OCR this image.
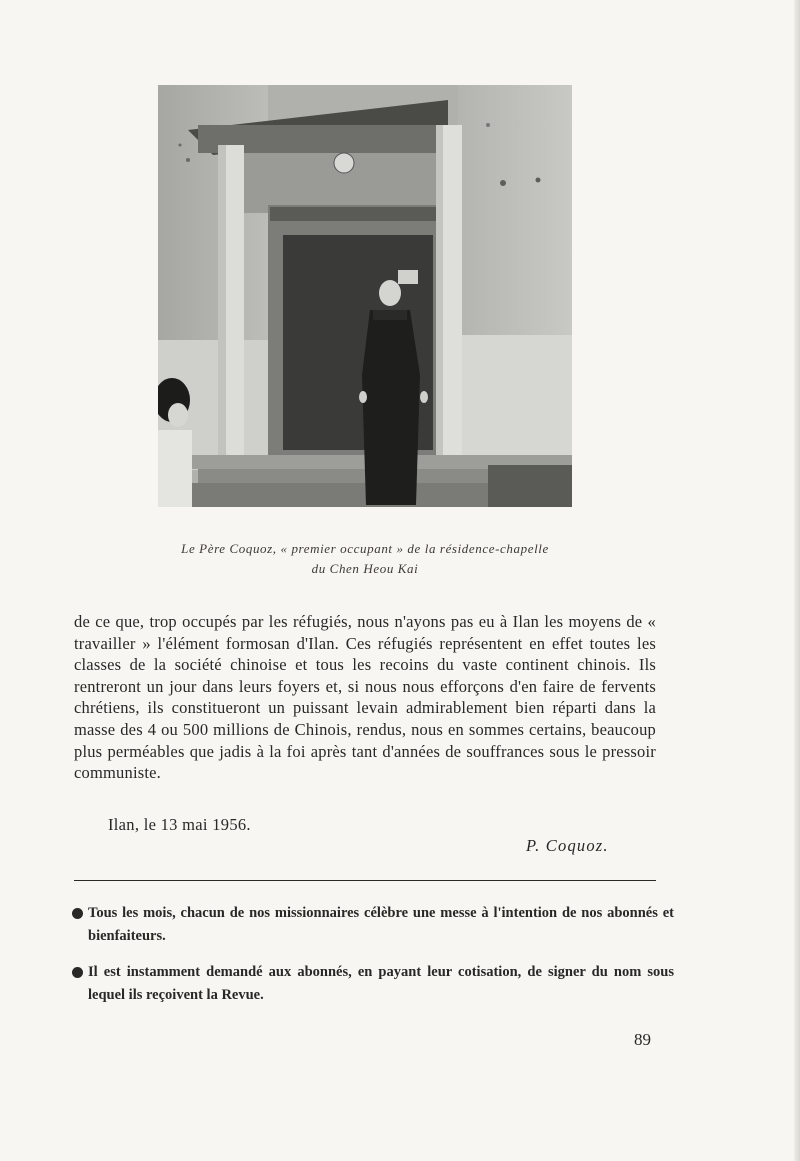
Le Père Coquoz, « premier occupant » de la résidence-chapelle
du Chen Heou Kai

de ce que, trop occupés par les réfugiés, nous n'ayons pas eu à Ilan les moyens de « travailler » l'élément formosan d'Ilan. Ces réfugiés représentent en effet toutes les classes de la société chinoise et tous les recoins du vaste continent chinois. Ils rentreront un jour dans leurs foyers et, si nous nous efforçons d'en faire de fervents chrétiens, ils constitueront un puissant levain admirablement bien réparti dans la masse des 4 ou 500 millions de Chinois, rendus, nous en sommes certains, beaucoup plus perméables que jadis à la foi après tant d'années de souffrances sous le pressoir communiste.

Ilan, le 13 mai 1956.
P. Coquoz.
Tous les mois, chacun de nos missionnaires célèbre une messe à l'intention de nos abonnés et bienfaiteurs.
Il est instamment demandé aux abonnés, en payant leur cotisation, de signer du nom sous lequel ils reçoivent la Revue.
89
